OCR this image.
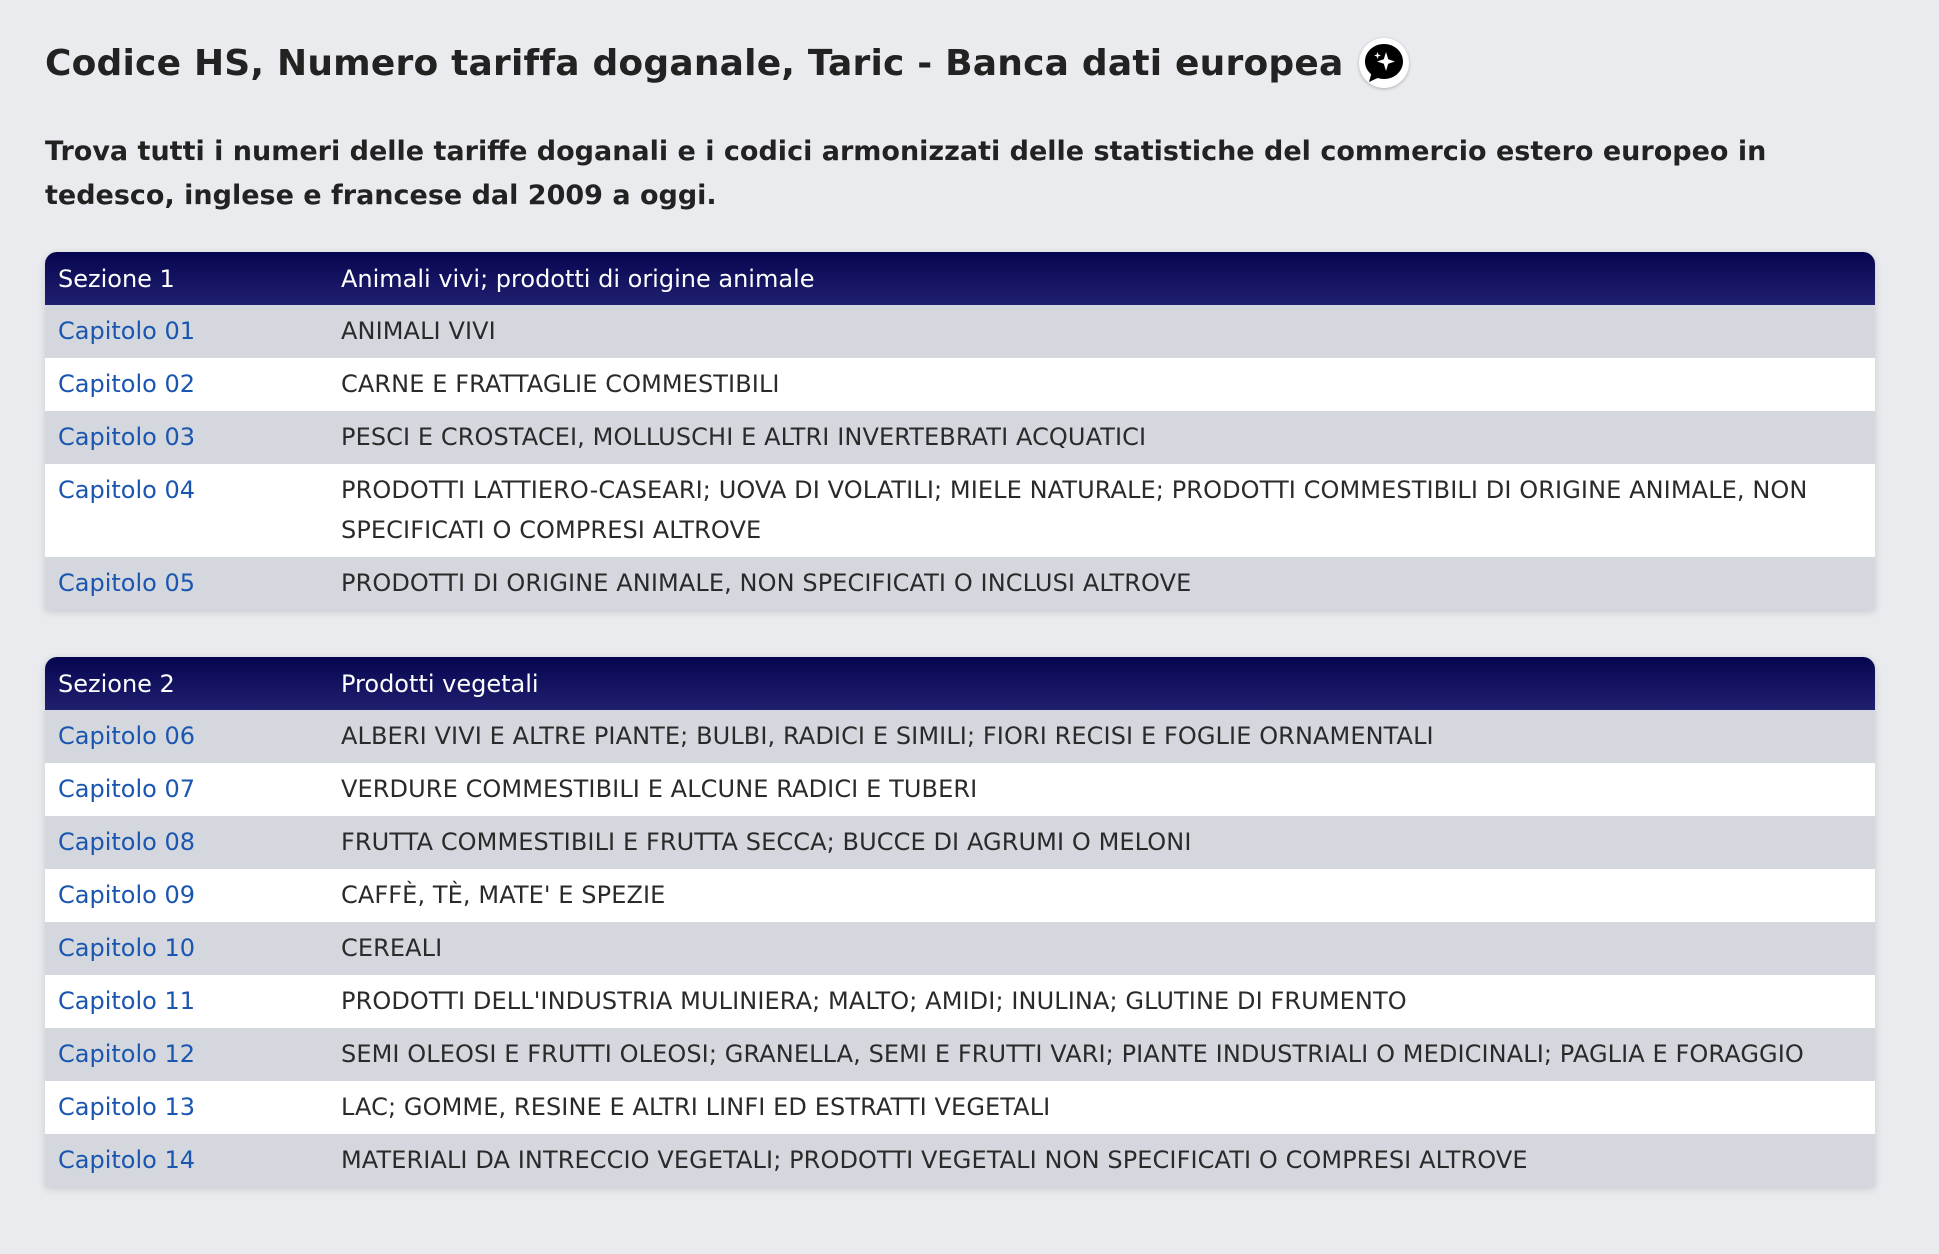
Codice HS, Numero tariffa doganale, Taric - Banca dati europea

Trova tutti i numeri delle tariffe doganali e i codici armonizzati delle statistiche del commercio estero europeo in tedesco, inglese e francese dal 2009 a oggi.

Sezione 1	Animali vivi; prodotti di origine animale
Capitolo 01	ANIMALI VIVI
Capitolo 02	CARNE E FRATTAGLIE COMMESTIBILI
Capitolo 03	PESCI E CROSTACEI, MOLLUSCHI E ALTRI INVERTEBRATI ACQUATICI
Capitolo 04	PRODOTTI LATTIERO-CASEARI; UOVA DI VOLATILI; MIELE NATURALE; PRODOTTI COMMESTIBILI DI ORIGINE ANIMALE, NON SPECIFICATI O COMPRESI ALTROVE
Capitolo 05	PRODOTTI DI ORIGINE ANIMALE, NON SPECIFICATI O INCLUSI ALTROVE
Sezione 2	Prodotti vegetali
Capitolo 06	ALBERI VIVI E ALTRE PIANTE; BULBI, RADICI E SIMILI; FIORI RECISI E FOGLIE ORNAMENTALI
Capitolo 07	VERDURE COMMESTIBILI E ALCUNE RADICI E TUBERI
Capitolo 08	FRUTTA COMMESTIBILI E FRUTTA SECCA; BUCCE DI AGRUMI O MELONI
Capitolo 09	CAFFÈ, TÈ, MATE' E SPEZIE
Capitolo 10	CEREALI
Capitolo 11	PRODOTTI DELL'INDUSTRIA MULINIERA; MALTO; AMIDI; INULINA; GLUTINE DI FRUMENTO
Capitolo 12	SEMI OLEOSI E FRUTTI OLEOSI; GRANELLA, SEMI E FRUTTI VARI; PIANTE INDUSTRIALI O MEDICINALI; PAGLIA E FORAGGIO
Capitolo 13	LAC; GOMME, RESINE E ALTRI LINFI ED ESTRATTI VEGETALI
Capitolo 14	MATERIALI DA INTRECCIO VEGETALI; PRODOTTI VEGETALI NON SPECIFICATI O COMPRESI ALTROVE
